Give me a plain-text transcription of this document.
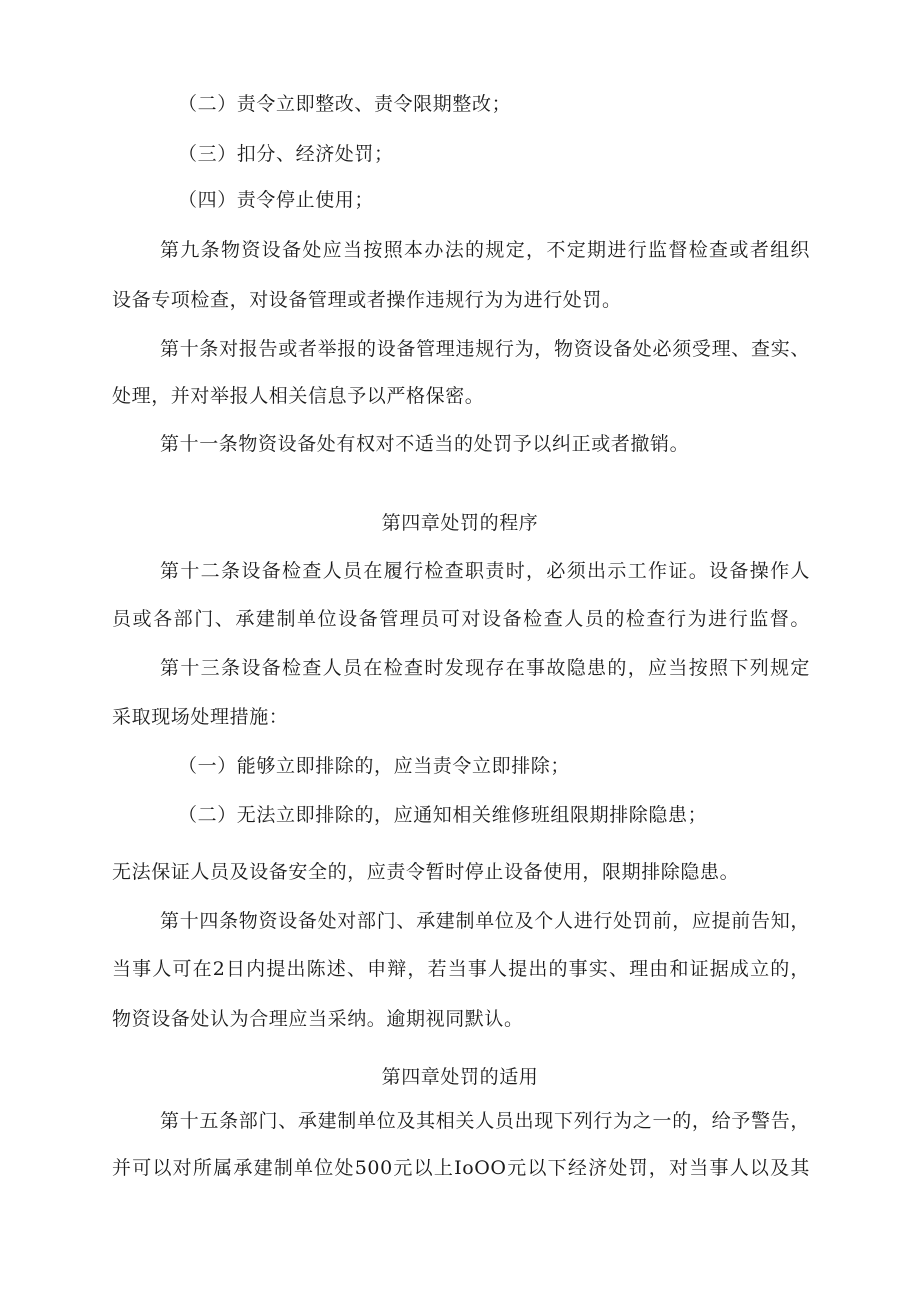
（二）责令立即整改、责令限期整改；
（三）扣分、经济处罚；
（四）责令停止使用；
第九条物资设备处应当按照本办法的规定，不定期进行监督检查或者组织
设备专项检查，对设备管理或者操作违规行为为进行处罚。
第十条对报告或者举报的设备管理违规行为，物资设备处必须受理、查实、
处理，并对举报人相关信息予以严格保密。
第十一条物资设备处有权对不适当的处罚予以纠正或者撤销。
第四章处罚的程序
第十二条设备检查人员在履行检查职责时，必须出示工作证。设备操作人
员或各部门、承建制单位设备管理员可对设备检查人员的检查行为进行监督。
第十三条设备检查人员在检查时发现存在事故隐患的，应当按照下列规定
采取现场处理措施：
（一）能够立即排除的，应当责令立即排除；
（二）无法立即排除的，应通知相关维修班组限期排除隐患；
无法保证人员及设备安全的，应责令暂时停止设备使用，限期排除隐患。
第十四条物资设备处对部门、承建制单位及个人进行处罚前，应提前告知，
当事人可在2日内提出陈述、申辩，若当事人提出的事实、理由和证据成立的，
物资设备处认为合理应当采纳。逾期视同默认。
第四章处罚的适用
第十五条部门、承建制单位及其相关人员出现下列行为之一的，给予警告，
并可以对所属承建制单位处500元以上IoOO元以下经济处罚，对当事人以及其
